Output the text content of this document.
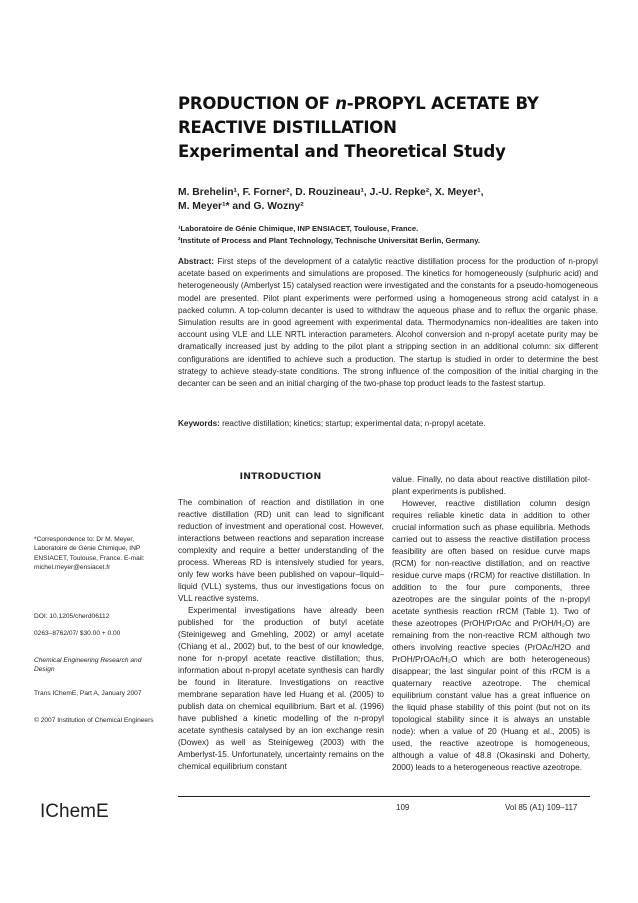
PRODUCTION OF n-PROPYL ACETATE BY
REACTIVE DISTILLATION
Experimental and Theoretical Study
M. Brehelin¹, F. Forner², D. Rouzineau¹, J.-U. Repke², X. Meyer¹,
M. Meyer¹* and G. Wozny²
¹Laboratoire de Génie Chimique, INP ENSIACET, Toulouse, France.
²Institute of Process and Plant Technology, Technische Universität Berlin, Germany.
Abstract: First steps of the development of a catalytic reactive distillation process for the production of n-propyl acetate based on experiments and simulations are proposed. The kinetics for homogeneously (sulphuric acid) and heterogeneously (Amberlyst 15) catalysed reaction were investigated and the constants for a pseudo-homogeneous model are presented. Pilot plant experiments were performed using a homogeneous strong acid catalyst in a packed column. A top-column decanter is used to withdraw the aqueous phase and to reflux the organic phase. Simulation results are in good agreement with experimental data. Thermodynamics non-idealities are taken into account using VLE and LLE NRTL interaction parameters. Alcohol conversion and n-propyl acetate purity may be dramatically increased just by adding to the pilot plant a stripping section in an additional column: six different configurations are identified to achieve such a production. The startup is studied in order to determine the best strategy to achieve steady-state conditions. The strong influence of the composition of the initial charging in the decanter can be seen and an initial charging of the two-phase top product leads to the fastest startup.
Keywords: reactive distillation; kinetics; startup; experimental data; n-propyl acetate.
INTRODUCTION

The combination of reaction and distillation in one reactive distillation (RD) unit can lead to significant reduction of investment and operational cost. However, interactions between reactions and separation increase complexity and require a better understanding of the process. Whereas RD is intensively studied for years, only few works have been published on vapour–liquid–liquid (VLL) systems, thus our investigations focus on VLL reactive systems.

Experimental investigations have already been published for the production of butyl acetate (Steinigeweg and Gmehling, 2002) or amyl acetate (Chiang et al., 2002) but, to the best of our knowledge, none for n-propyl acetate reactive distillation; thus, information about n-propyl acetate synthesis can hardly be found in literature. Investigations on reactive membrane separation have led Huang et al. (2005) to publish data on chemical equilibrium. Bart et al. (1996) have published a kinetic modelling of the n-propyl acetate synthesis catalysed by an ion exchange resin (Dowex) as well as Steinigeweg (2003) with the Amberlyst-15. Unfortunately, uncertainty remains on the chemical equilibrium constant

value. Finally, no data about reactive distillation pilot-plant experiments is published.

However, reactive distillation column design requires reliable kinetic data in addition to other crucial information such as phase equilibria. Methods carried out to assess the reactive distillation process feasibility are often based on residue curve maps (RCM) for non-reactive distillation, and on reactive residue curve maps (rRCM) for reactive distillation. In addition to the four pure components, three azeotropes are the singular points of the n-propyl acetate synthesis reaction rRCM (Table 1). Two of these azeotropes (PrOH/PrOAc and PrOH/H₂O) are remaining from the non-reactive RCM although two others involving reactive species (PrOAc/H2O and PrOH/PrOAc/H₂O which are both heterogeneous) disappear; the last singular point of this rRCM is a quaternary reactive azeotrope. The chemical equilibrium constant value has a great influence on the liquid phase stability of this point (but not on its topological stability since it is always an unstable node): when a value of 20 (Huang et al., 2005) is used, the reactive azeotrope is homogeneous, although a value of 48.8 (Okasinski and Doherty, 2000) leads to a heterogeneous reactive azeotrope.

*Correspondence to: Dr M. Meyer, Laboratoire de Génie Chimique, INP ENSIACET, Toulouse, France. E-mail: michel.meyer@ensiacet.fr
DOI: 10.1205/cherd06112
0263–8762/07/ $30.00 + 0.00
Chemical Engineering Research and Design
Trans IChemE, Part A, January 2007
© 2007 Institution of Chemical Engineers
IChemE	109	Vol 85 (A1) 109–117
